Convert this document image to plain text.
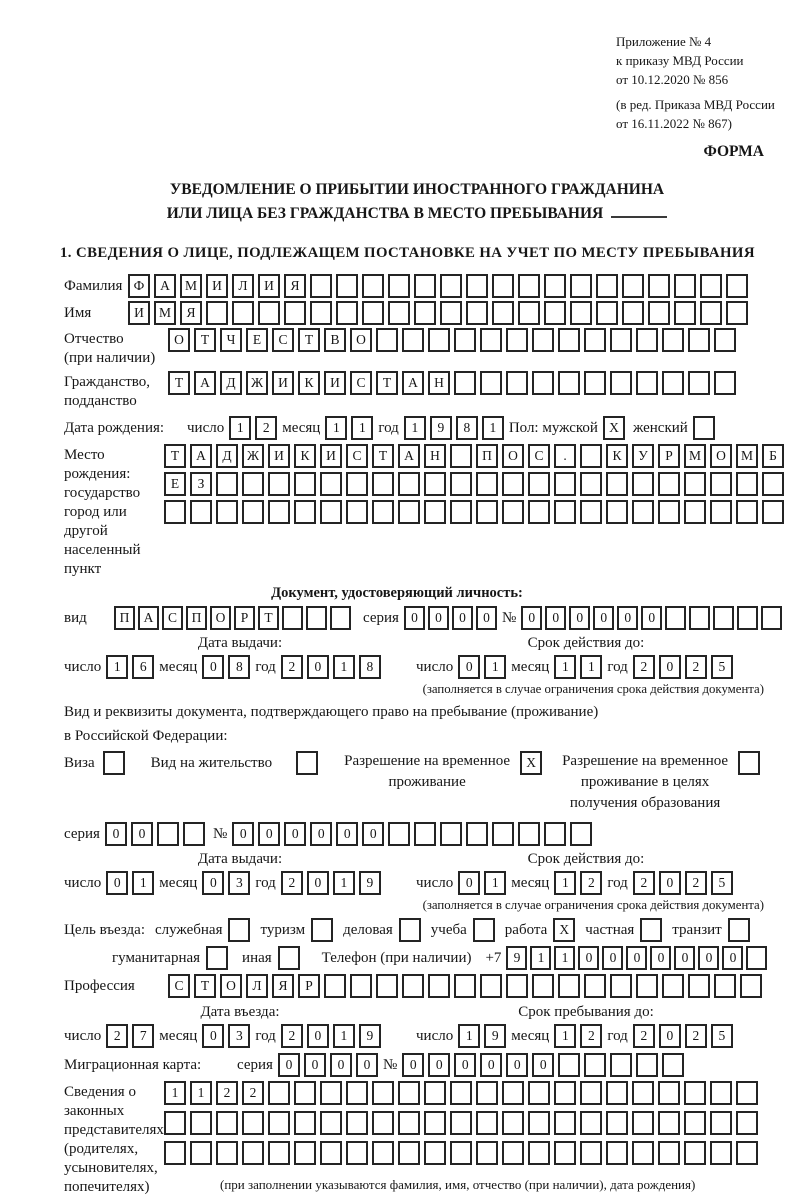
Приложение № 4
к приказу МВД России
от 10.12.2020 № 856
(в ред. Приказа МВД России
от 16.11.2022 № 867)
ФОРМА
УВЕДОМЛЕНИЕ О ПРИБЫТИИ ИНОСТРАННОГО ГРАЖДАНИНА
ИЛИ ЛИЦА БЕЗ ГРАЖДАНСТВА В МЕСТО ПРЕБЫВАНИЯ
1. СВЕДЕНИЯ О ЛИЦЕ, ПОДЛЕЖАЩЕМ ПОСТАНОВКЕ НА УЧЕТ ПО МЕСТУ ПРЕБЫВАНИЯ
Фамилия Ф	А	М	И	Л	И	Я
Имя	И	М	Я
Отчество
(при наличии)
О	Т	Ч	Е	С	Т	В	О
Гражданство,
подданство
Т	А	Д	Ж	И	К	И	С	Т	А	Н
Дата рождения:	число 1	2 месяц 1	1 год 1	9	8	1 Пол: мужской X женский
Место рождения:
государство
город или другой
населенный пункт
Т	А	Д	Ж	И	К	И	С	Т	А	Н	П	О	С	.	К	У	Р	М	О	М	Б
Е	З
Документ, удостоверяющий личность:
вид	П	А	С	П	О	Р	Т	серия 0	0	0	0 № 0	0	0	0	0	0
Дата выдачи:	Срок действия до:
число 1	6 месяц 0	8 год 2	0	1	8	число 0	1 месяц 1	1 год 2	0	2	5
(заполняется в случае ограничения срока действия документа)
Вид и реквизиты документа, подтверждающего право на пребывание (проживание)
в Российской Федерации:
Виза	Вид на жительство	Разрешение на временное
проживание
X	Разрешение на временное
проживание в целях
получения образования
серия 0	0	№ 0	0	0	0	0	0
Дата выдачи:	Срок действия до:
число 0	1 месяц 0	3 год 2	0	1	9	число 0	1 месяц 1	2 год 2	0	2	5
(заполняется в случае ограничения срока действия документа)
Цель въезда: служебная	туризм	деловая	учеба	работа X	частная	транзит
гуманитарная	иная	Телефон (при наличии) +7 9	1	1	0	0	0	0	0	0	0
Профессия	С	Т	О	Л	Я	Р
Дата въезда:	Срок пребывания до:
число 2	7 месяц 0	3 год 2	0	1	9	число 1	9 месяц 1	2 год 2	0	2	5
Миграционная карта:	серия 0	0	0	0 № 0	0	0	0	0	0
Сведения о
законных
представителях
(родителях,
усыновителях,
попечителях)
1	1	2	2
(при заполнении указываются фамилия, имя, отчество (при наличии), дата рождения)
